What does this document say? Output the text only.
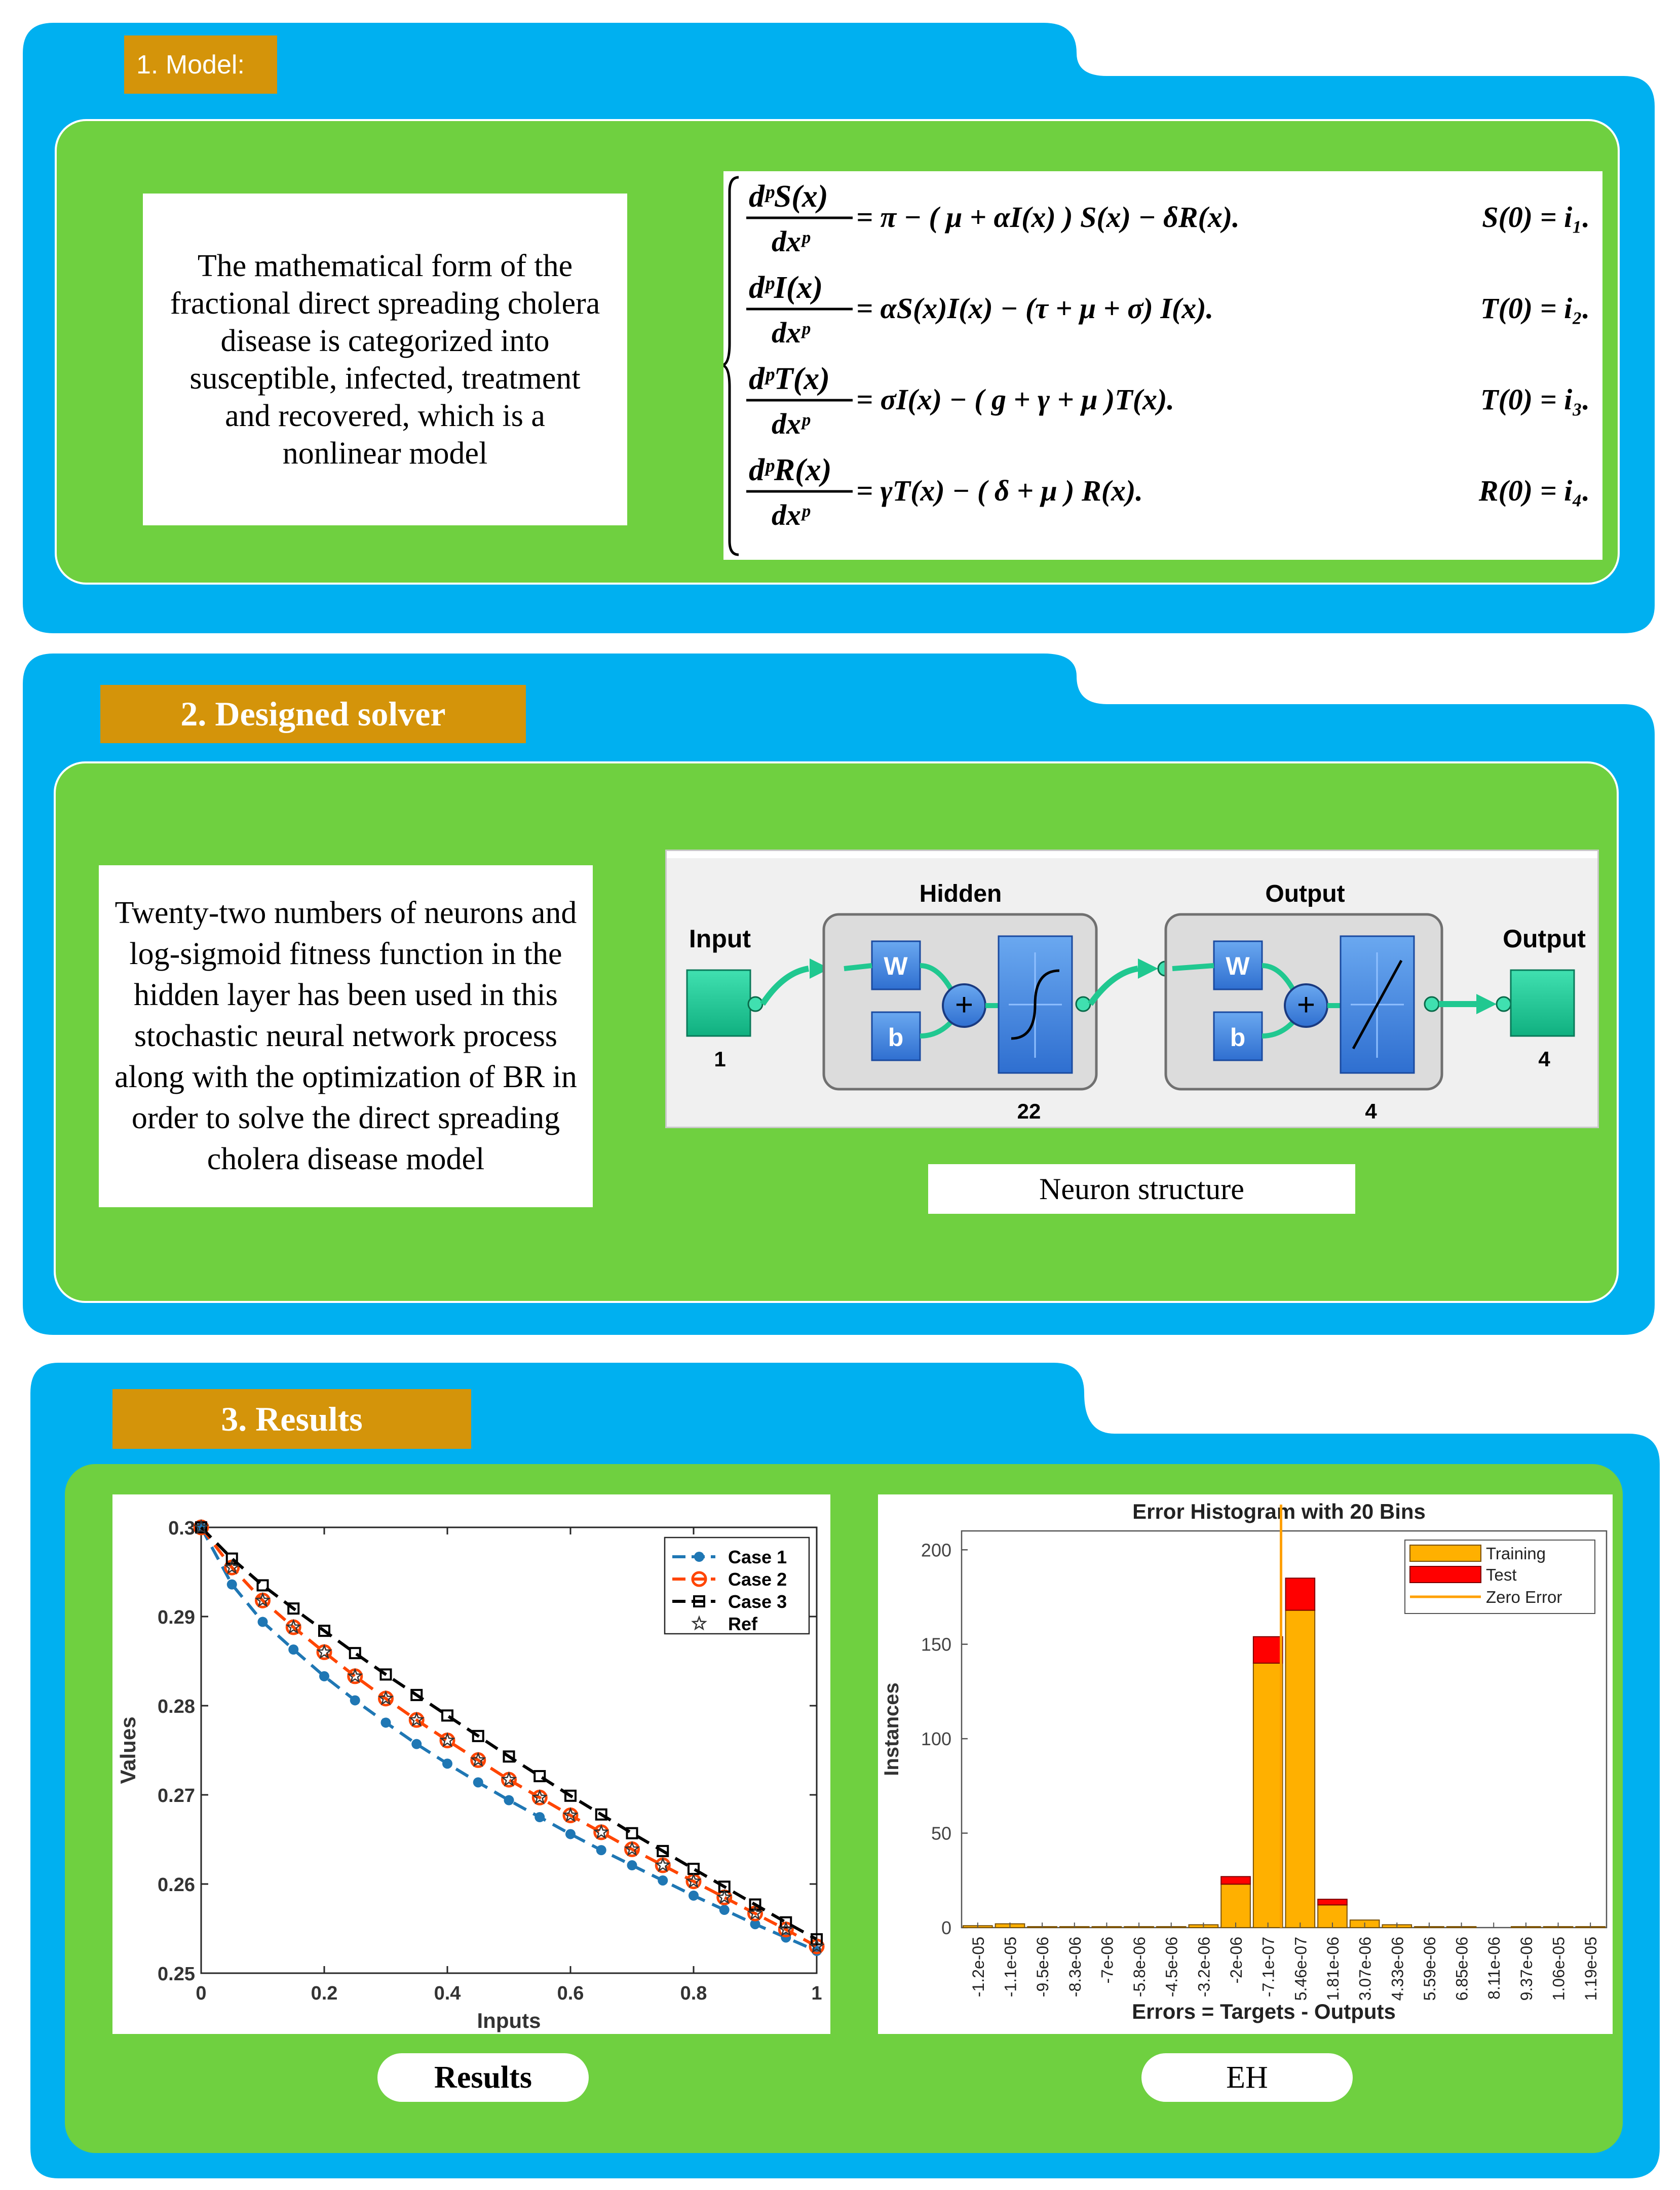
1. Model:
The mathematical form of the fractional direct spreading cholera disease is categorized into susceptible, infected, treatment and recovered, which is a nonlinear model
dᵖS(x)
dxᵖ
= π − ( μ + αI(x) ) S(x) − δR(x).	S(0) = i₁.
dᵖI(x)
dxᵖ
= αS(x)I(x) − (τ + μ + σ) I(x).	T(0) = i₂.
dᵖT(x)
dxᵖ
= σI(x) − ( g + γ + μ )T(x).	T(0) = i₃.
dᵖR(x)
dxᵖ
= γT(x) − ( δ + μ ) R(x).	R(0) = i₄.
2. Designed solver
Twenty-two numbers of neurons and log-sigmoid fitness function in the hidden layer has been used in this stochastic neural network process along with the optimization of BR in order to solve the direct spreading cholera disease model
Input
1
Hidden
W
b
+
22
Output
W
b
+
4
Output
4
Neuron structure
3. Results
0.25
0.26
0.27
0.28
0.29
0.3
0	0.2	0.4	0.6	0.8	1
Inputs
Values
Case 1
Case 2
Case 3
Ref
Error Histogram with 20 Bins
0
50
100
150
200
Instances
-1.2e-05 -1.1e-05 -9.5e-06 -8.3e-06 -7e-06 -5.8e-06 -4.5e-06 -3.2e-06 -2e-06 -7.1e-07 5.46e-07 1.81e-06 3.07e-06 4.33e-06 5.59e-06 6.85e-06 8.11e-06 9.37e-06 1.06e-05 1.19e-05
Errors = Targets - Outputs
Training
Test
Zero Error
Results	EH
